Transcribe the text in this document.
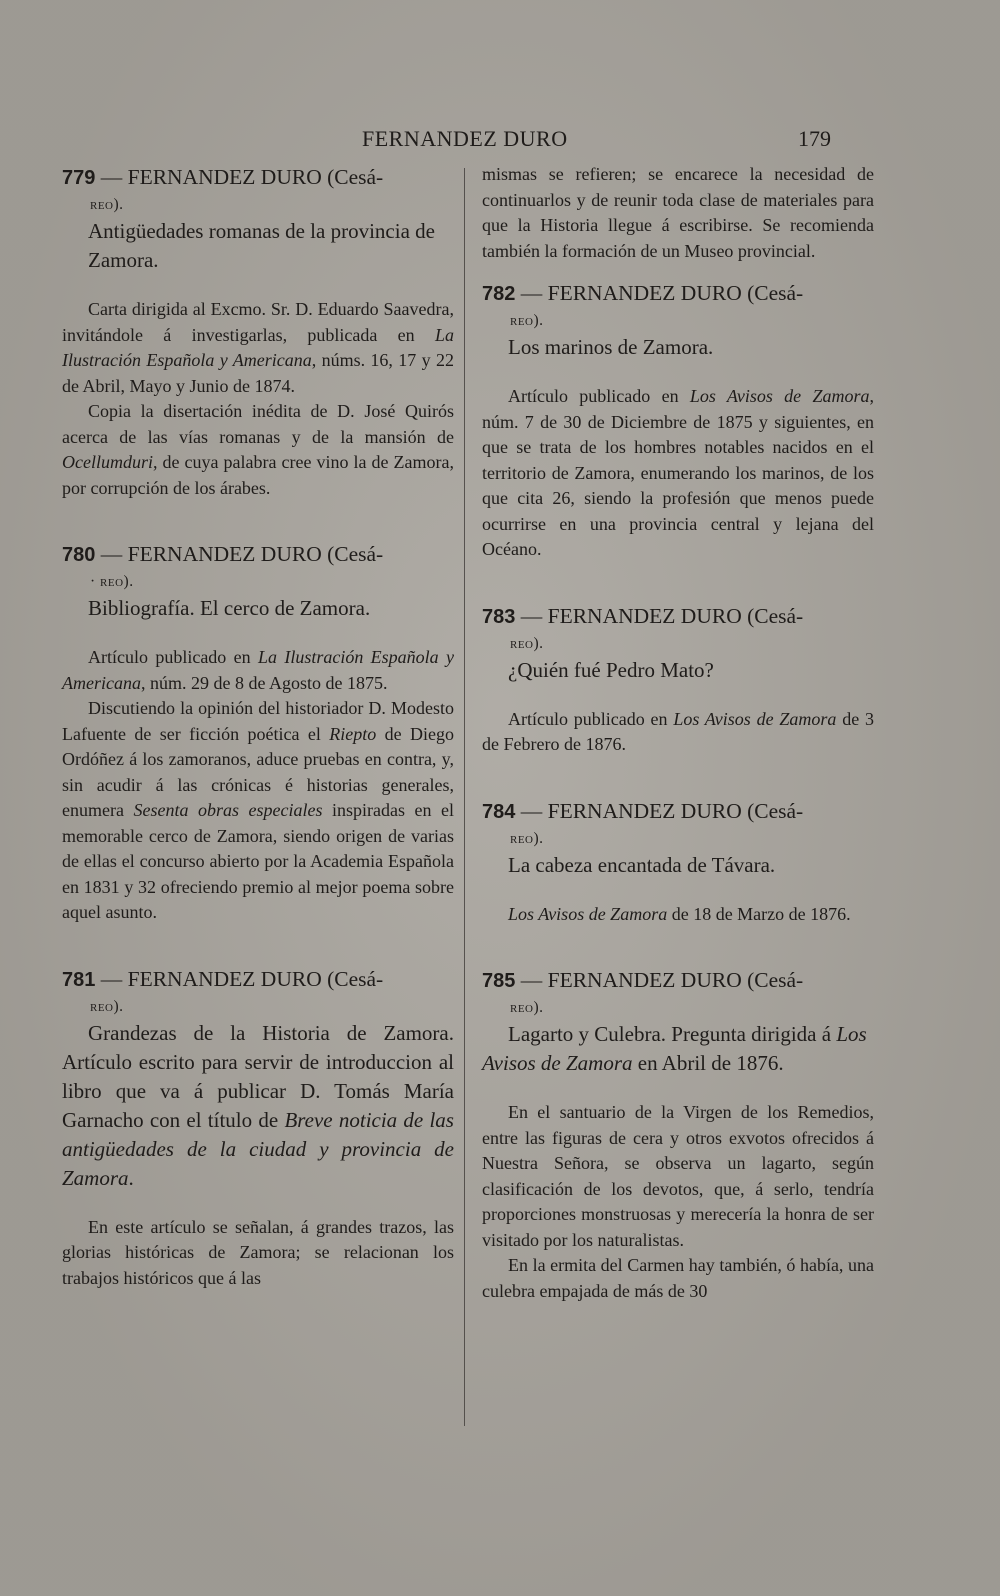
FERNANDEZ DURO	179

779 — FERNANDEZ DURO (Cesá-
reo).

Antigüedades romanas de la provincia de Zamora.

Carta dirigida al Excmo. Sr. D. Eduardo Saavedra, invitándole á investigarlas, publicada en La Ilustración Española y Americana, núms. 16, 17 y 22 de Abril, Mayo y Junio de 1874.

Copia la disertación inédita de D. José Quirós acerca de las vías romanas y de la mansión de Ocellumduri, de cuya palabra cree vino la de Zamora, por corrupción de los árabes.

780 — FERNANDEZ DURO (Cesá-
· reo).

Bibliografía. El cerco de Zamora.

Artículo publicado en La Ilustración Española y Americana, núm. 29 de 8 de Agosto de 1875.

Discutiendo la opinión del historiador D. Modesto Lafuente de ser ficción poética el Riepto de Diego Ordóñez á los zamoranos, aduce pruebas en contra, y, sin acudir á las crónicas é historias generales, enumera Sesenta obras especiales inspiradas en el memorable cerco de Zamora, siendo origen de varias de ellas el concurso abierto por la Academia Española en 1831 y 32 ofreciendo premio al mejor poema sobre aquel asunto.

781 — FERNANDEZ DURO (Cesá-
reo).

Grandezas de la Historia de Zamora. Artículo escrito para servir de introduccion al libro que va á publicar D. Tomás María Garnacho con el título de Breve noticia de las antigüedades de la ciudad y provincia de Zamora.

En este artículo se señalan, á grandes trazos, las glorias históricas de Zamora; se relacionan los trabajos históricos que á las

mismas se refieren; se encarece la necesidad de continuarlos y de reunir toda clase de materiales para que la Historia llegue á escribirse. Se recomienda también la formación de un Museo provincial.

782 — FERNANDEZ DURO (Cesá-
reo).

Los marinos de Zamora.

Artículo publicado en Los Avisos de Zamora, núm. 7 de 30 de Diciembre de 1875 y siguientes, en que se trata de los hombres notables nacidos en el territorio de Zamora, enumerando los marinos, de los que cita 26, siendo la profesión que menos puede ocurrirse en una provincia central y lejana del Océano.

783 — FERNANDEZ DURO (Cesá-
reo).

¿Quién fué Pedro Mato?

Artículo publicado en Los Avisos de Zamora de 3 de Febrero de 1876.

784 — FERNANDEZ DURO (Cesá-
reo).

La cabeza encantada de Távara.

Los Avisos de Zamora de 18 de Marzo de 1876.

785 — FERNANDEZ DURO (Cesá-
reo).

Lagarto y Culebra. Pregunta dirigida á Los Avisos de Zamora en Abril de 1876.

En el santuario de la Virgen de los Remedios, entre las figuras de cera y otros exvotos ofrecidos á Nuestra Señora, se observa un lagarto, según clasificación de los devotos, que, á serlo, tendría proporciones monstruosas y merecería la honra de ser visitado por los naturalistas.

En la ermita del Carmen hay también, ó había, una culebra empajada de más de 30
